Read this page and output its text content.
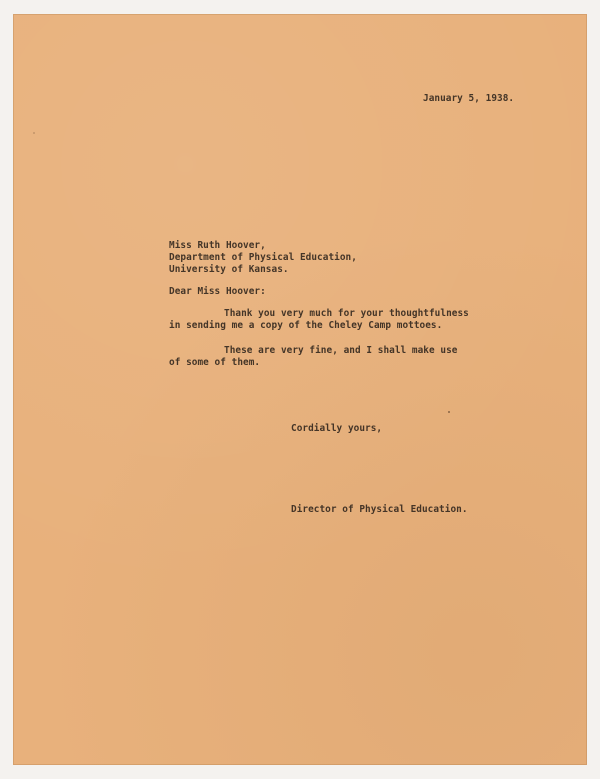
January 5, 1938.
Miss Ruth Hoover,
Department of Physical Education,
University of Kansas.
Dear Miss Hoover:
Thank you very much for your thoughtfulness
in sending me a copy of the Cheley Camp mottoes.
These are very fine, and I shall make use
of some of them.
Cordially yours,
Director of Physical Education.
